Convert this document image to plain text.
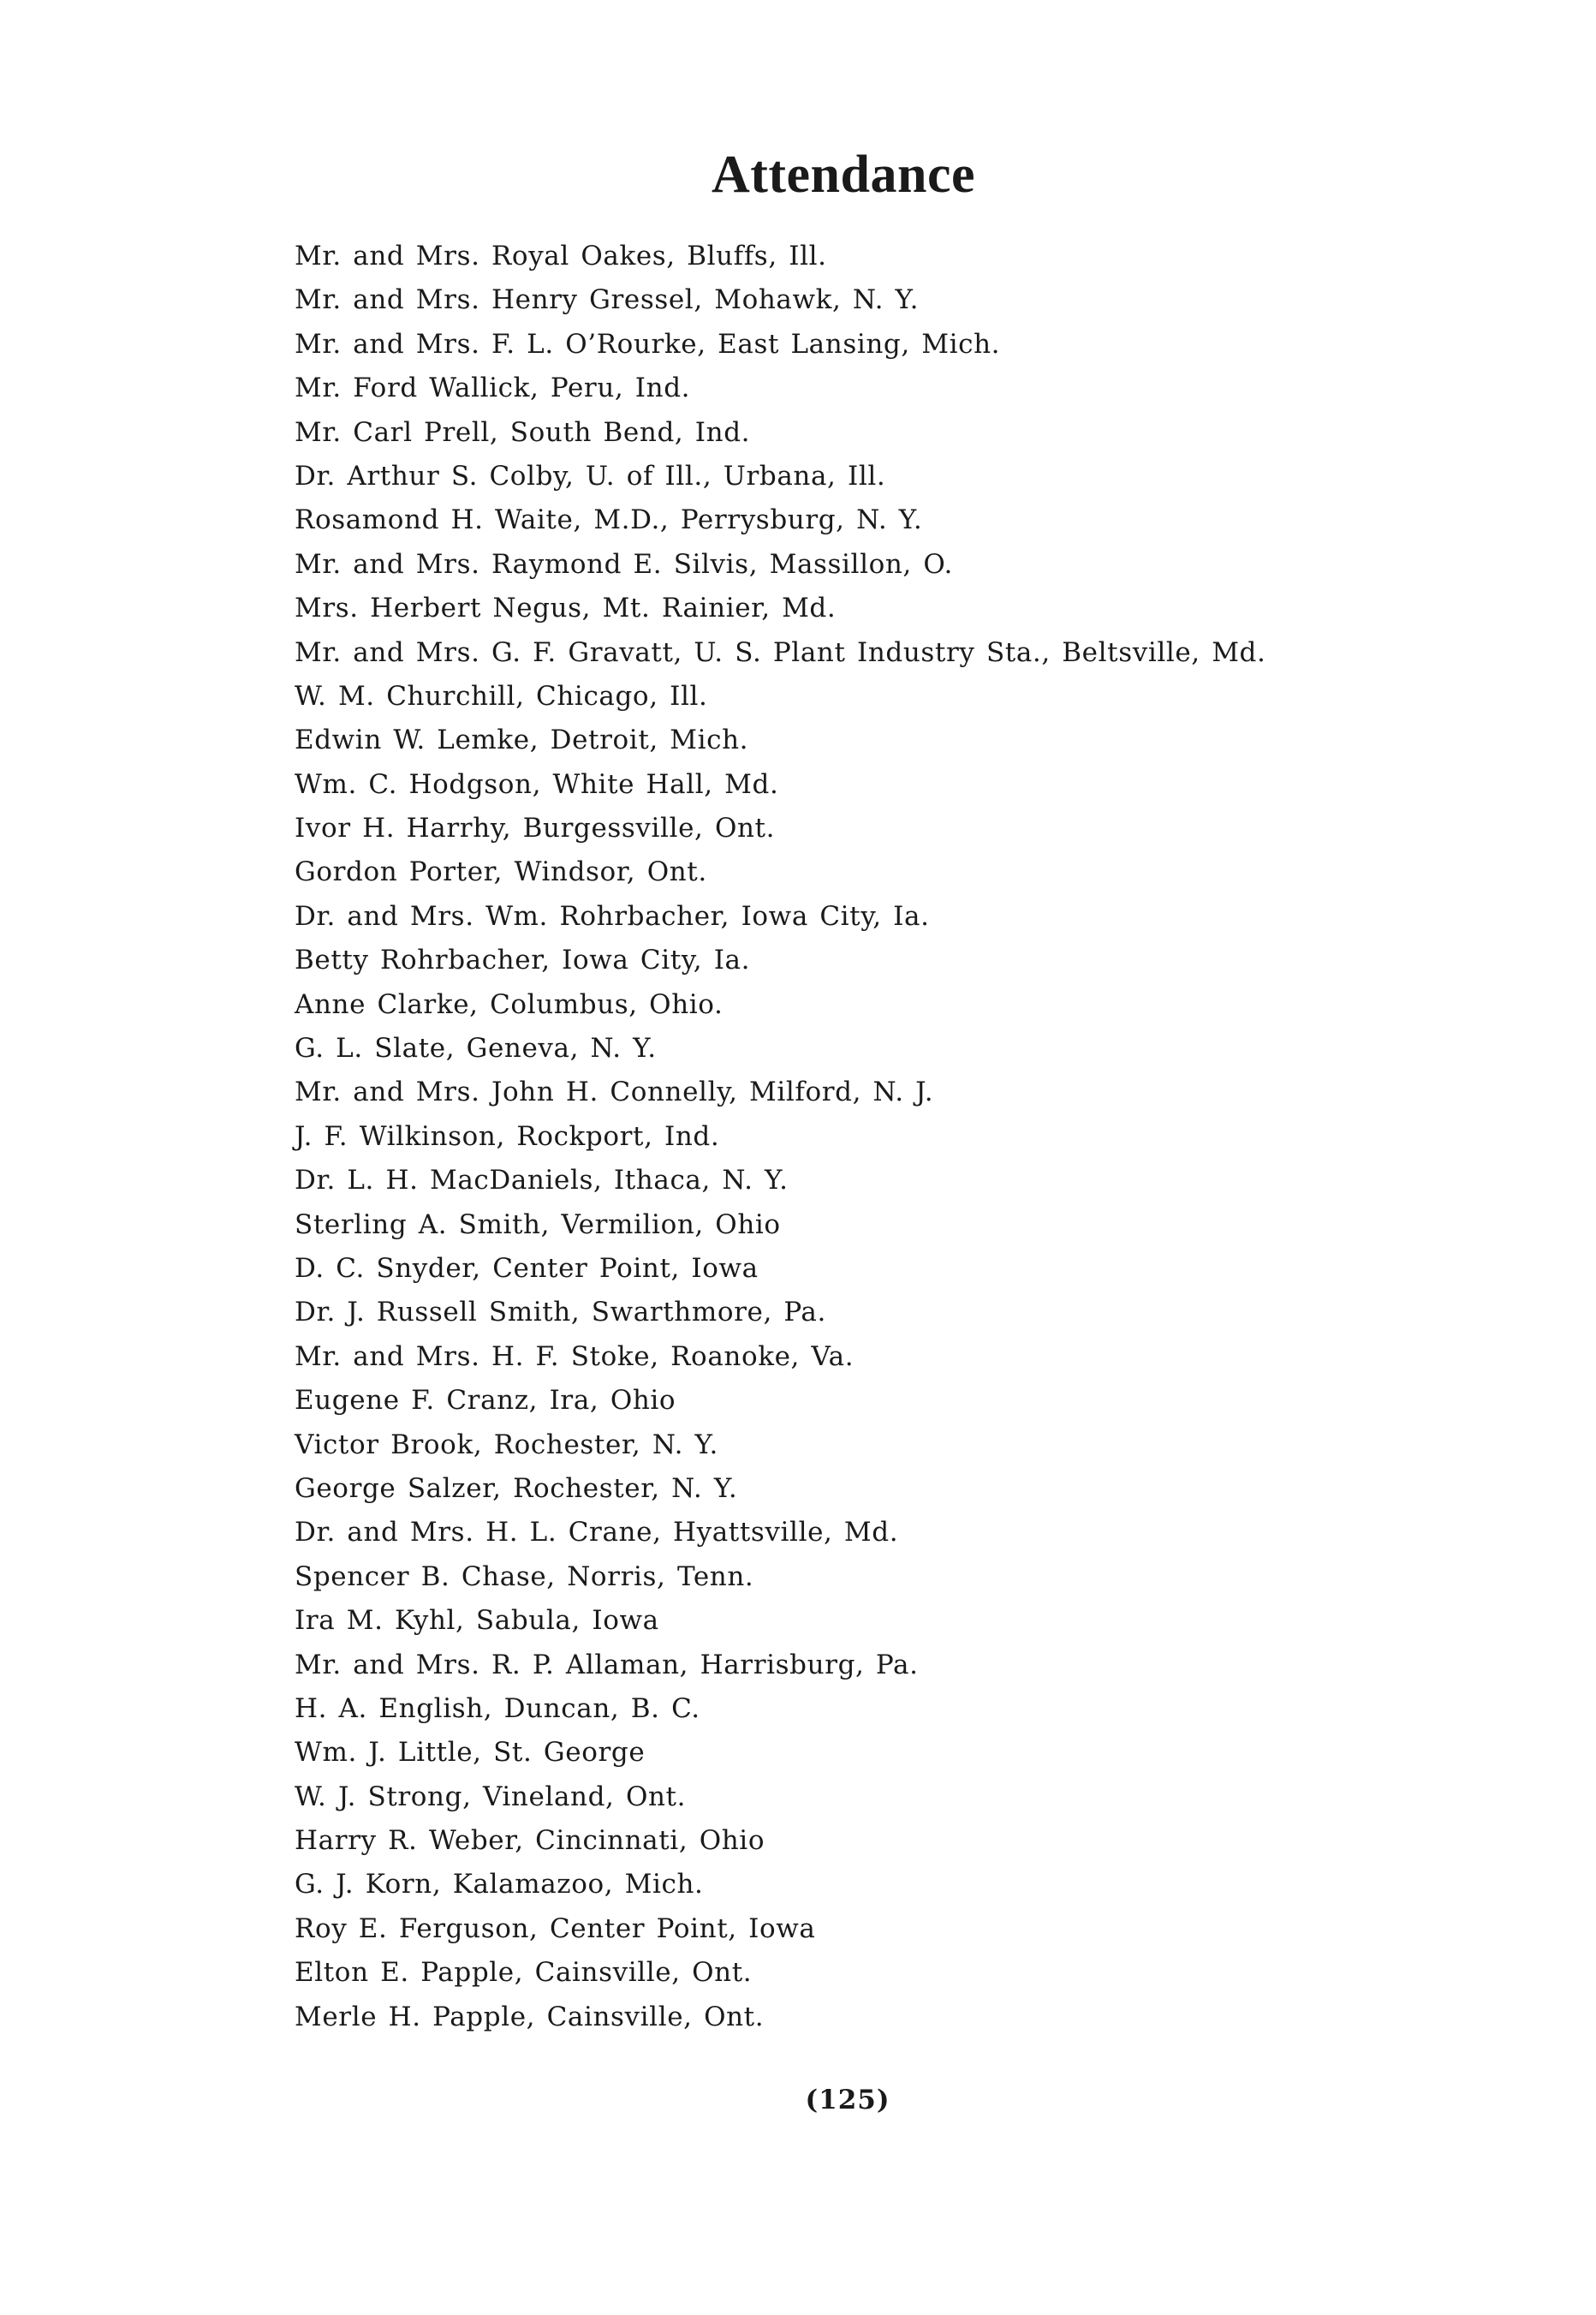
Attendance
Mr. and Mrs. Royal Oakes, Bluffs, Ill.
Mr. and Mrs. Henry Gressel, Mohawk, N. Y.
Mr. and Mrs. F. L. O’Rourke, East Lansing, Mich.
Mr. Ford Wallick, Peru, Ind.
Mr. Carl Prell, South Bend, Ind.
Dr. Arthur S. Colby, U. of Ill., Urbana, Ill.
Rosamond H. Waite, M.D., Perrysburg, N. Y.
Mr. and Mrs. Raymond E. Silvis, Massillon, O.
Mrs. Herbert Negus, Mt. Rainier, Md.
Mr. and Mrs. G. F. Gravatt, U. S. Plant Industry Sta., Beltsville, Md.
W. M. Churchill, Chicago, Ill.
Edwin W. Lemke, Detroit, Mich.
Wm. C. Hodgson, White Hall, Md.
Ivor H. Harrhy, Burgessville, Ont.
Gordon Porter, Windsor, Ont.
Dr. and Mrs. Wm. Rohrbacher, Iowa City, Ia.
Betty Rohrbacher, Iowa City, Ia.
Anne Clarke, Columbus, Ohio.
G. L. Slate, Geneva, N. Y.
Mr. and Mrs. John H. Connelly, Milford, N. J.
J. F. Wilkinson, Rockport, Ind.
Dr. L. H. MacDaniels, Ithaca, N. Y.
Sterling A. Smith, Vermilion, Ohio
D. C. Snyder, Center Point, Iowa
Dr. J. Russell Smith, Swarthmore, Pa.
Mr. and Mrs. H. F. Stoke, Roanoke, Va.
Eugene F. Cranz, Ira, Ohio
Victor Brook, Rochester, N. Y.
George Salzer, Rochester, N. Y.
Dr. and Mrs. H. L. Crane, Hyattsville, Md.
Spencer B. Chase, Norris, Tenn.
Ira M. Kyhl, Sabula, Iowa
Mr. and Mrs. R. P. Allaman, Harrisburg, Pa.
H. A. English, Duncan, B. C.
Wm. J. Little, St. George
W. J. Strong, Vineland, Ont.
Harry R. Weber, Cincinnati, Ohio
G. J. Korn, Kalamazoo, Mich.
Roy E. Ferguson, Center Point, Iowa
Elton E. Papple, Cainsville, Ont.
Merle H. Papple, Cainsville, Ont.
(125)
